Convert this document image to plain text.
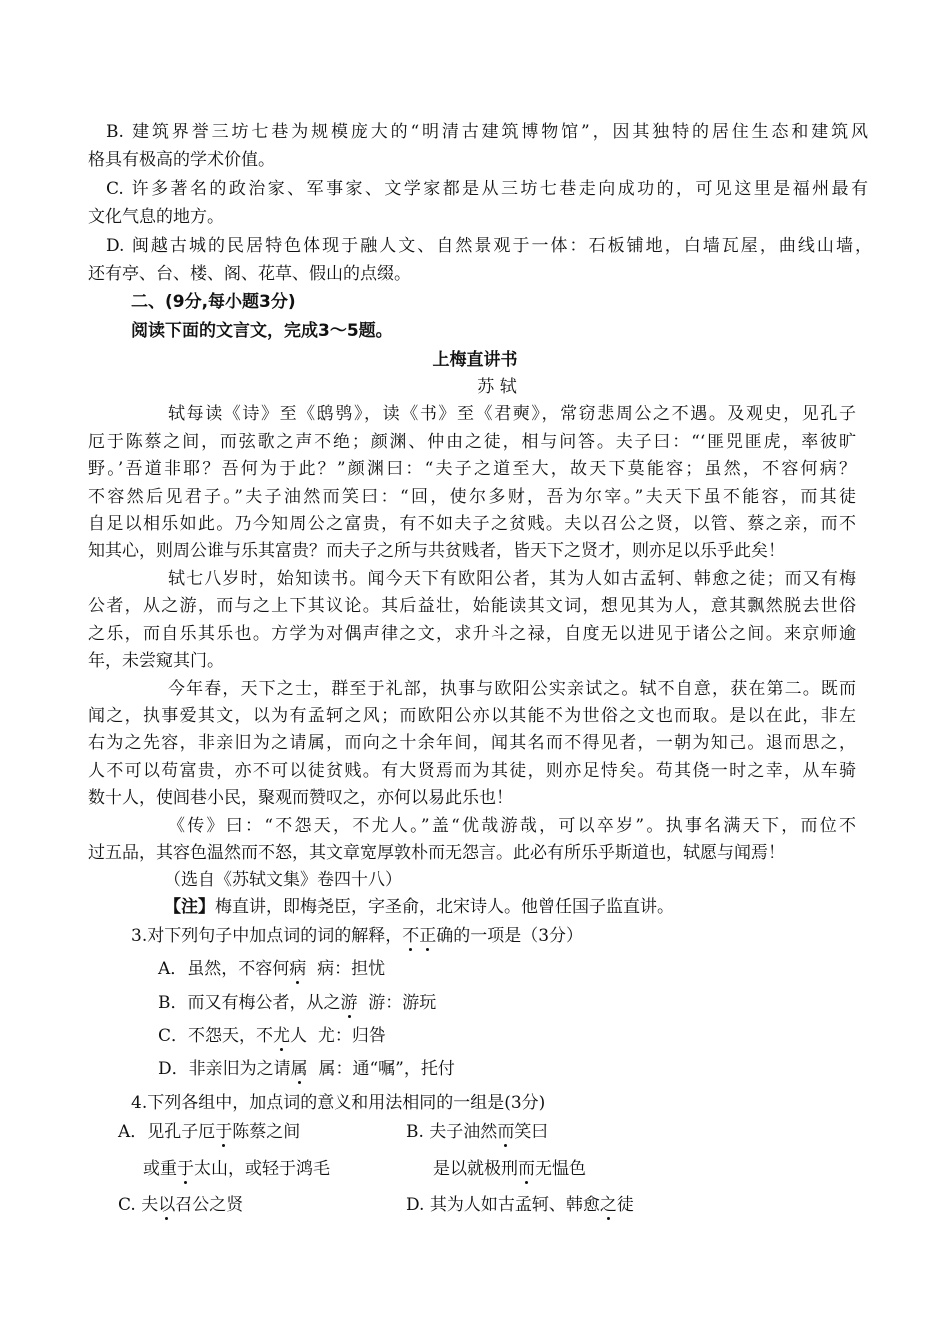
B. 建筑界誉三坊七巷为规模庞大的“明清古建筑博物馆”，因其独特的居住生态和建筑风
格具有极高的学术价值。
C. 许多著名的政治家、军事家、文学家都是从三坊七巷走向成功的，可见这里是福州最有
文化气息的地方。
D. 闽越古城的民居特色体现于融人文、自然景观于一体：石板铺地，白墙瓦屋，曲线山墙，
还有亭、台、楼、阁、花草、假山的点缀。
二、(9分,每小题3分)
阅读下面的文言文，完成3～5题。
上梅直讲书
苏 轼
轼每读《诗》至《鸱鸮》，读《书》至《君奭》，常窃悲周公之不遇。及观史，见孔子
厄于陈蔡之间，而弦歌之声不绝；颜渊、仲由之徒，相与问答。夫子曰：“‘匪兕匪虎，率彼旷
野。’吾道非耶？吾何为于此？”颜渊曰：“夫子之道至大，故天下莫能容；虽然，不容何病？
不容然后见君子。”夫子油然而笑曰：“回，使尔多财，吾为尔宰。”夫天下虽不能容，而其徒
自足以相乐如此。乃今知周公之富贵，有不如夫子之贫贱。夫以召公之贤，以管、蔡之亲，而不
知其心，则周公谁与乐其富贵？而夫子之所与共贫贱者，皆天下之贤才，则亦足以乐乎此矣！
轼七八岁时，始知读书。闻今天下有欧阳公者，其为人如古孟轲、韩愈之徒；而又有梅
公者，从之游，而与之上下其议论。其后益壮，始能读其文词，想见其为人，意其飘然脱去世俗
之乐，而自乐其乐也。方学为对偶声律之文，求升斗之禄，自度无以进见于诸公之间。来京师逾
年，未尝窥其门。
今年春，天下之士，群至于礼部，执事与欧阳公实亲试之。轼不自意，获在第二。既而
闻之，执事爱其文，以为有孟轲之风；而欧阳公亦以其能不为世俗之文也而取。是以在此，非左
右为之先容，非亲旧为之请属，而向之十余年间，闻其名而不得见者，一朝为知己。退而思之，
人不可以苟富贵，亦不可以徒贫贱。有大贤焉而为其徒，则亦足恃矣。苟其侥一时之幸，从车骑
数十人，使闾巷小民，聚观而赞叹之，亦何以易此乐也！
《传》曰：“不怨天，不尤人。”盖“优哉游哉，可以卒岁”。执事名满天下，而位不
过五品，其容色温然而不怒，其文章宽厚敦朴而无怨言。此必有所乐乎斯道也，轼愿与闻焉！
（选自《苏轼文集》卷四十八）
【注】梅直讲，即梅尧臣，字圣俞，北宋诗人。他曾任国子监直讲。
3.对下列句子中加点词的词的解释，不正确的一项是（3分）
A．虽然，不容何病  病：担忧
B．而又有梅公者，从之游  游：游玩
C．不怨天，不尤人  尤：归咎
D．非亲旧为之请属  属：通“嘱”，托付
4.下列各组中，加点词的意义和用法相同的一组是(3分)
A．见孔子厄于陈蔡之间	B. 夫子油然而笑曰
或重于太山，或轻于鸿毛	是以就极刑而无愠色
C. 夫以召公之贤	D. 其为人如古孟轲、韩愈之徒
